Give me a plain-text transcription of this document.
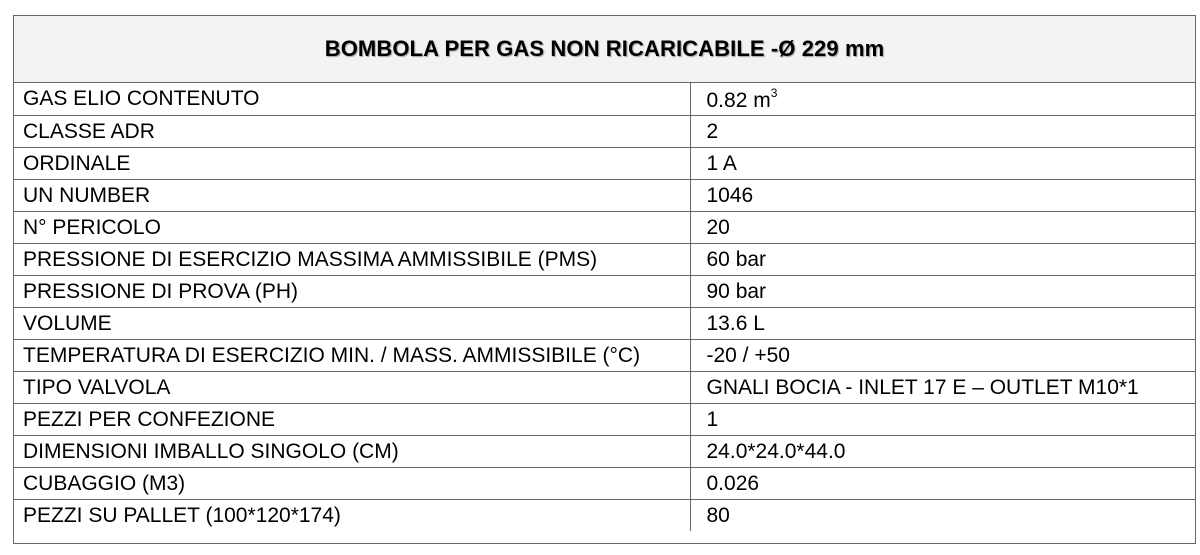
BOMBOLA PER GAS NON RICARICABILE -Ø 229 mm
GAS ELIO CONTENUTO	0.82 $m^3$
CLASSE ADR	2
ORDINALE	1 A
UN NUMBER	1046
N° PERICOLO	20
PRESSIONE DI ESERCIZIO MASSIMA AMMISSIBILE (PMS)	60 bar
PRESSIONE DI PROVA (PH)	90 bar
VOLUME	13.6 L
TEMPERATURA DI ESERCIZIO MIN. / MASS. AMMISSIBILE (°C)	-20 / +50
TIPO VALVOLA	GNALI BOCIA - INLET 17 E – OUTLET M10*1
PEZZI PER CONFEZIONE	1
DIMENSIONI IMBALLO SINGOLO (CM)	24.0*24.0*44.0
CUBAGGIO (M3)	0.026
PEZZI SU PALLET (100*120*174)	80
